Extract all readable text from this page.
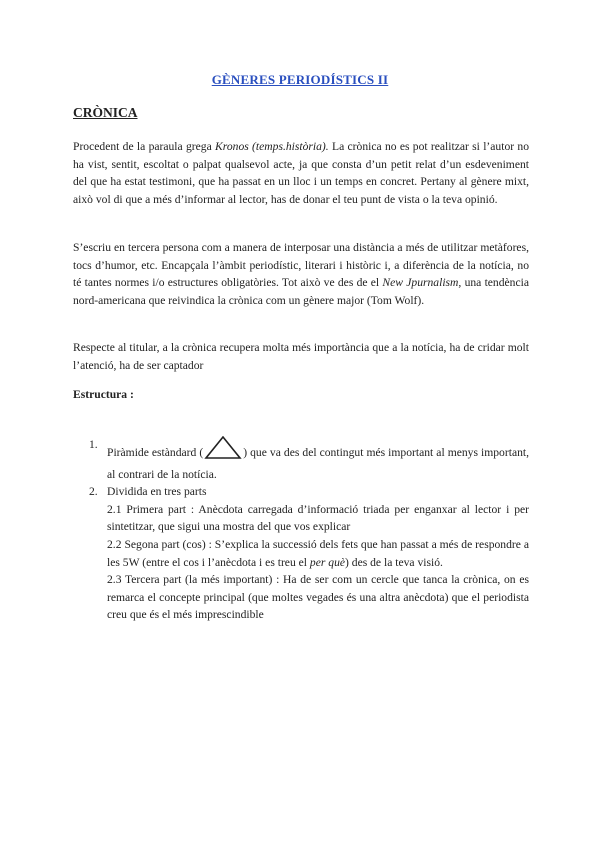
GÈNERES PERIODÍSTICS II
CRÒNICA

Procedent de la paraula grega Kronos (temps.història). La crònica no es pot realitzar si l’autor no ha vist, sentit, escoltat o palpat qualsevol acte, ja que consta d’un petit relat d’un esdeveniment del que ha estat testimoni, que ha passat en un lloc i un temps en concret. Pertany al gènere mixt, això vol di que a més d’informar al lector, has de donar el teu punt de vista o la teva opinió.

S’escriu en tercera persona com a manera de interposar una distància a més de utilitzar metàfores, tocs d’humor, etc. Encapçala l’àmbit periodístic, literari i històric i, a diferència de la notícia, no té tantes normes i/o estructures obligatòries. Tot això ve des de el New Jpurnalism, una tendència nord-americana que reivindica la crònica com un gènere major (Tom Wolf).

Respecte al titular, a la crònica recupera molta més importància que a la notícia, ha de cridar molt l’atenció, ha de ser captador

Estructura :
1.
Piràmide estàndard (	) que va des del contingut més important al menys important, al contrari de la notícia.
2. Dividida en tres parts
2.1 Primera part : Anècdota carregada d’informació triada per enganxar al lector i per sintetitzar, que sigui una mostra del que vos explicar
2.2 Segona part (cos) : S’explica la successió dels fets que han passat a més de respondre a les 5W (entre el cos i l’anècdota i es treu el per què) des de la teva visió.
2.3 Tercera part (la més important) : Ha de ser com un cercle que tanca la crònica, on es remarca el concepte principal (que moltes vegades és una altra anècdota) que el periodista creu que és el més imprescindible
